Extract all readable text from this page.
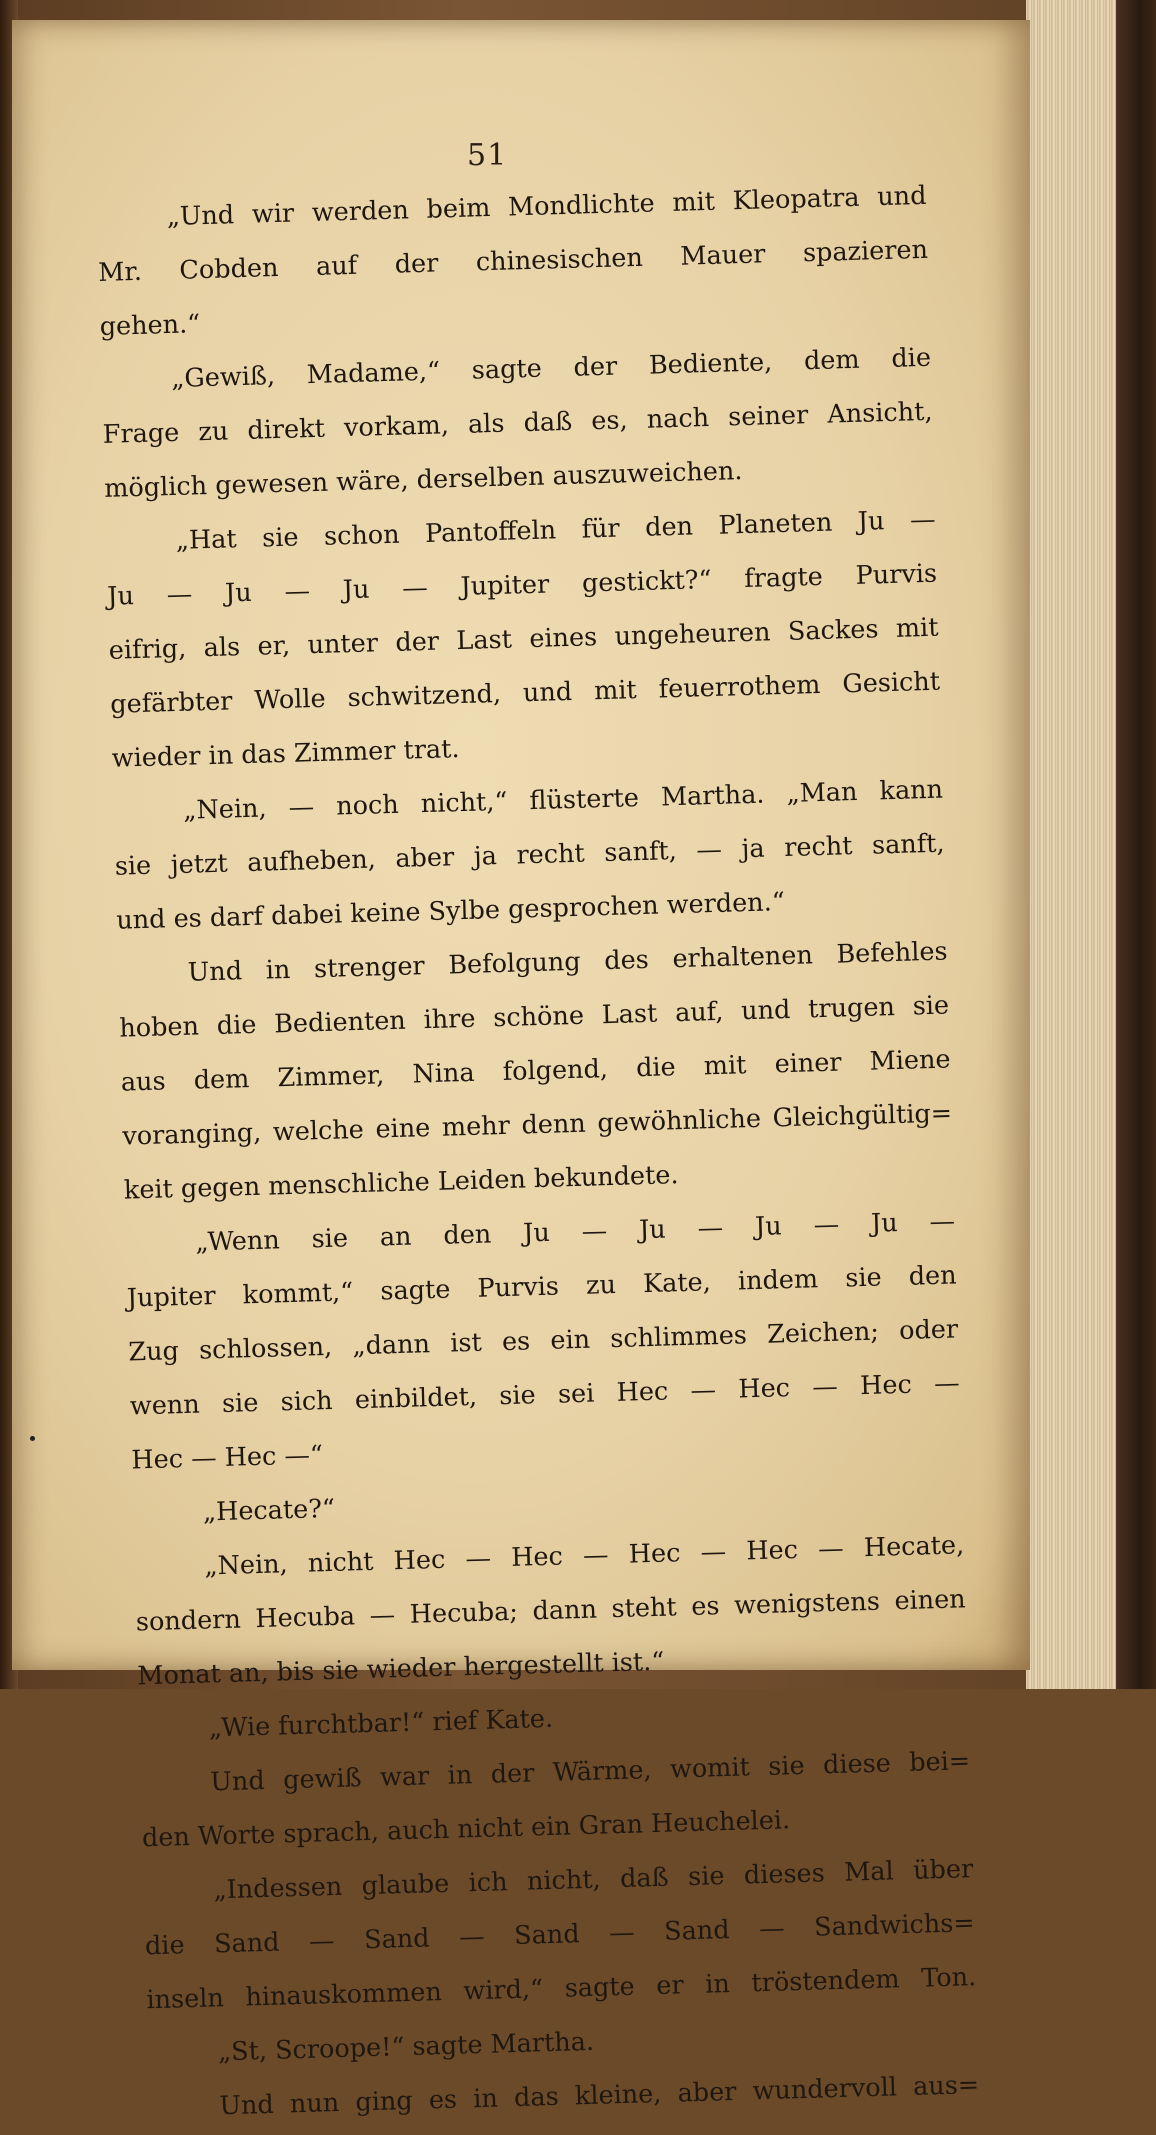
51
„Und wir werden beim Mondlichte mit Kleopatra und
Mr. Cobden auf der chinesischen Mauer spazieren
gehen.“
„Gewiß, Madame,“ sagte der Bediente, dem die
Frage zu direkt vorkam, als daß es, nach seiner Ansicht,
möglich gewesen wäre, derselben auszuweichen.
„Hat sie schon Pantoffeln für den Planeten Ju —
Ju — Ju — Ju — Jupiter gestickt?“ fragte Purvis
eifrig, als er, unter der Last eines ungeheuren Sackes mit
gefärbter Wolle schwitzend, und mit feuerrothem Gesicht
wieder in das Zimmer trat.
„Nein, — noch nicht,“ flüsterte Martha. „Man kann
sie jetzt aufheben, aber ja recht sanft, — ja recht sanft,
und es darf dabei keine Sylbe gesprochen werden.“
Und in strenger Befolgung des erhaltenen Befehles
hoben die Bedienten ihre schöne Last auf, und trugen sie
aus dem Zimmer, Nina folgend, die mit einer Miene
voranging, welche eine mehr denn gewöhnliche Gleichgültig=
keit gegen menschliche Leiden bekundete.
„Wenn sie an den Ju — Ju — Ju — Ju —
Jupiter kommt,“ sagte Purvis zu Kate, indem sie den
Zug schlossen, „dann ist es ein schlimmes Zeichen; oder
wenn sie sich einbildet, sie sei Hec — Hec — Hec —
Hec — Hec —“
„Hecate?“
„Nein, nicht Hec — Hec — Hec — Hec — Hecate,
sondern Hecuba — Hecuba; dann steht es wenigstens einen
Monat an, bis sie wieder hergestellt ist.“
„Wie furchtbar!“ rief Kate.
Und gewiß war in der Wärme, womit sie diese bei=
den Worte sprach, auch nicht ein Gran Heuchelei.
„Indessen glaube ich nicht, daß sie dieses Mal über
die Sand — Sand — Sand — Sand — Sandwichs=
inseln hinauskommen wird,“ sagte er in tröstendem Ton.
„St, Scroope!“ sagte Martha.
Und nun ging es in das kleine, aber wundervoll aus=
